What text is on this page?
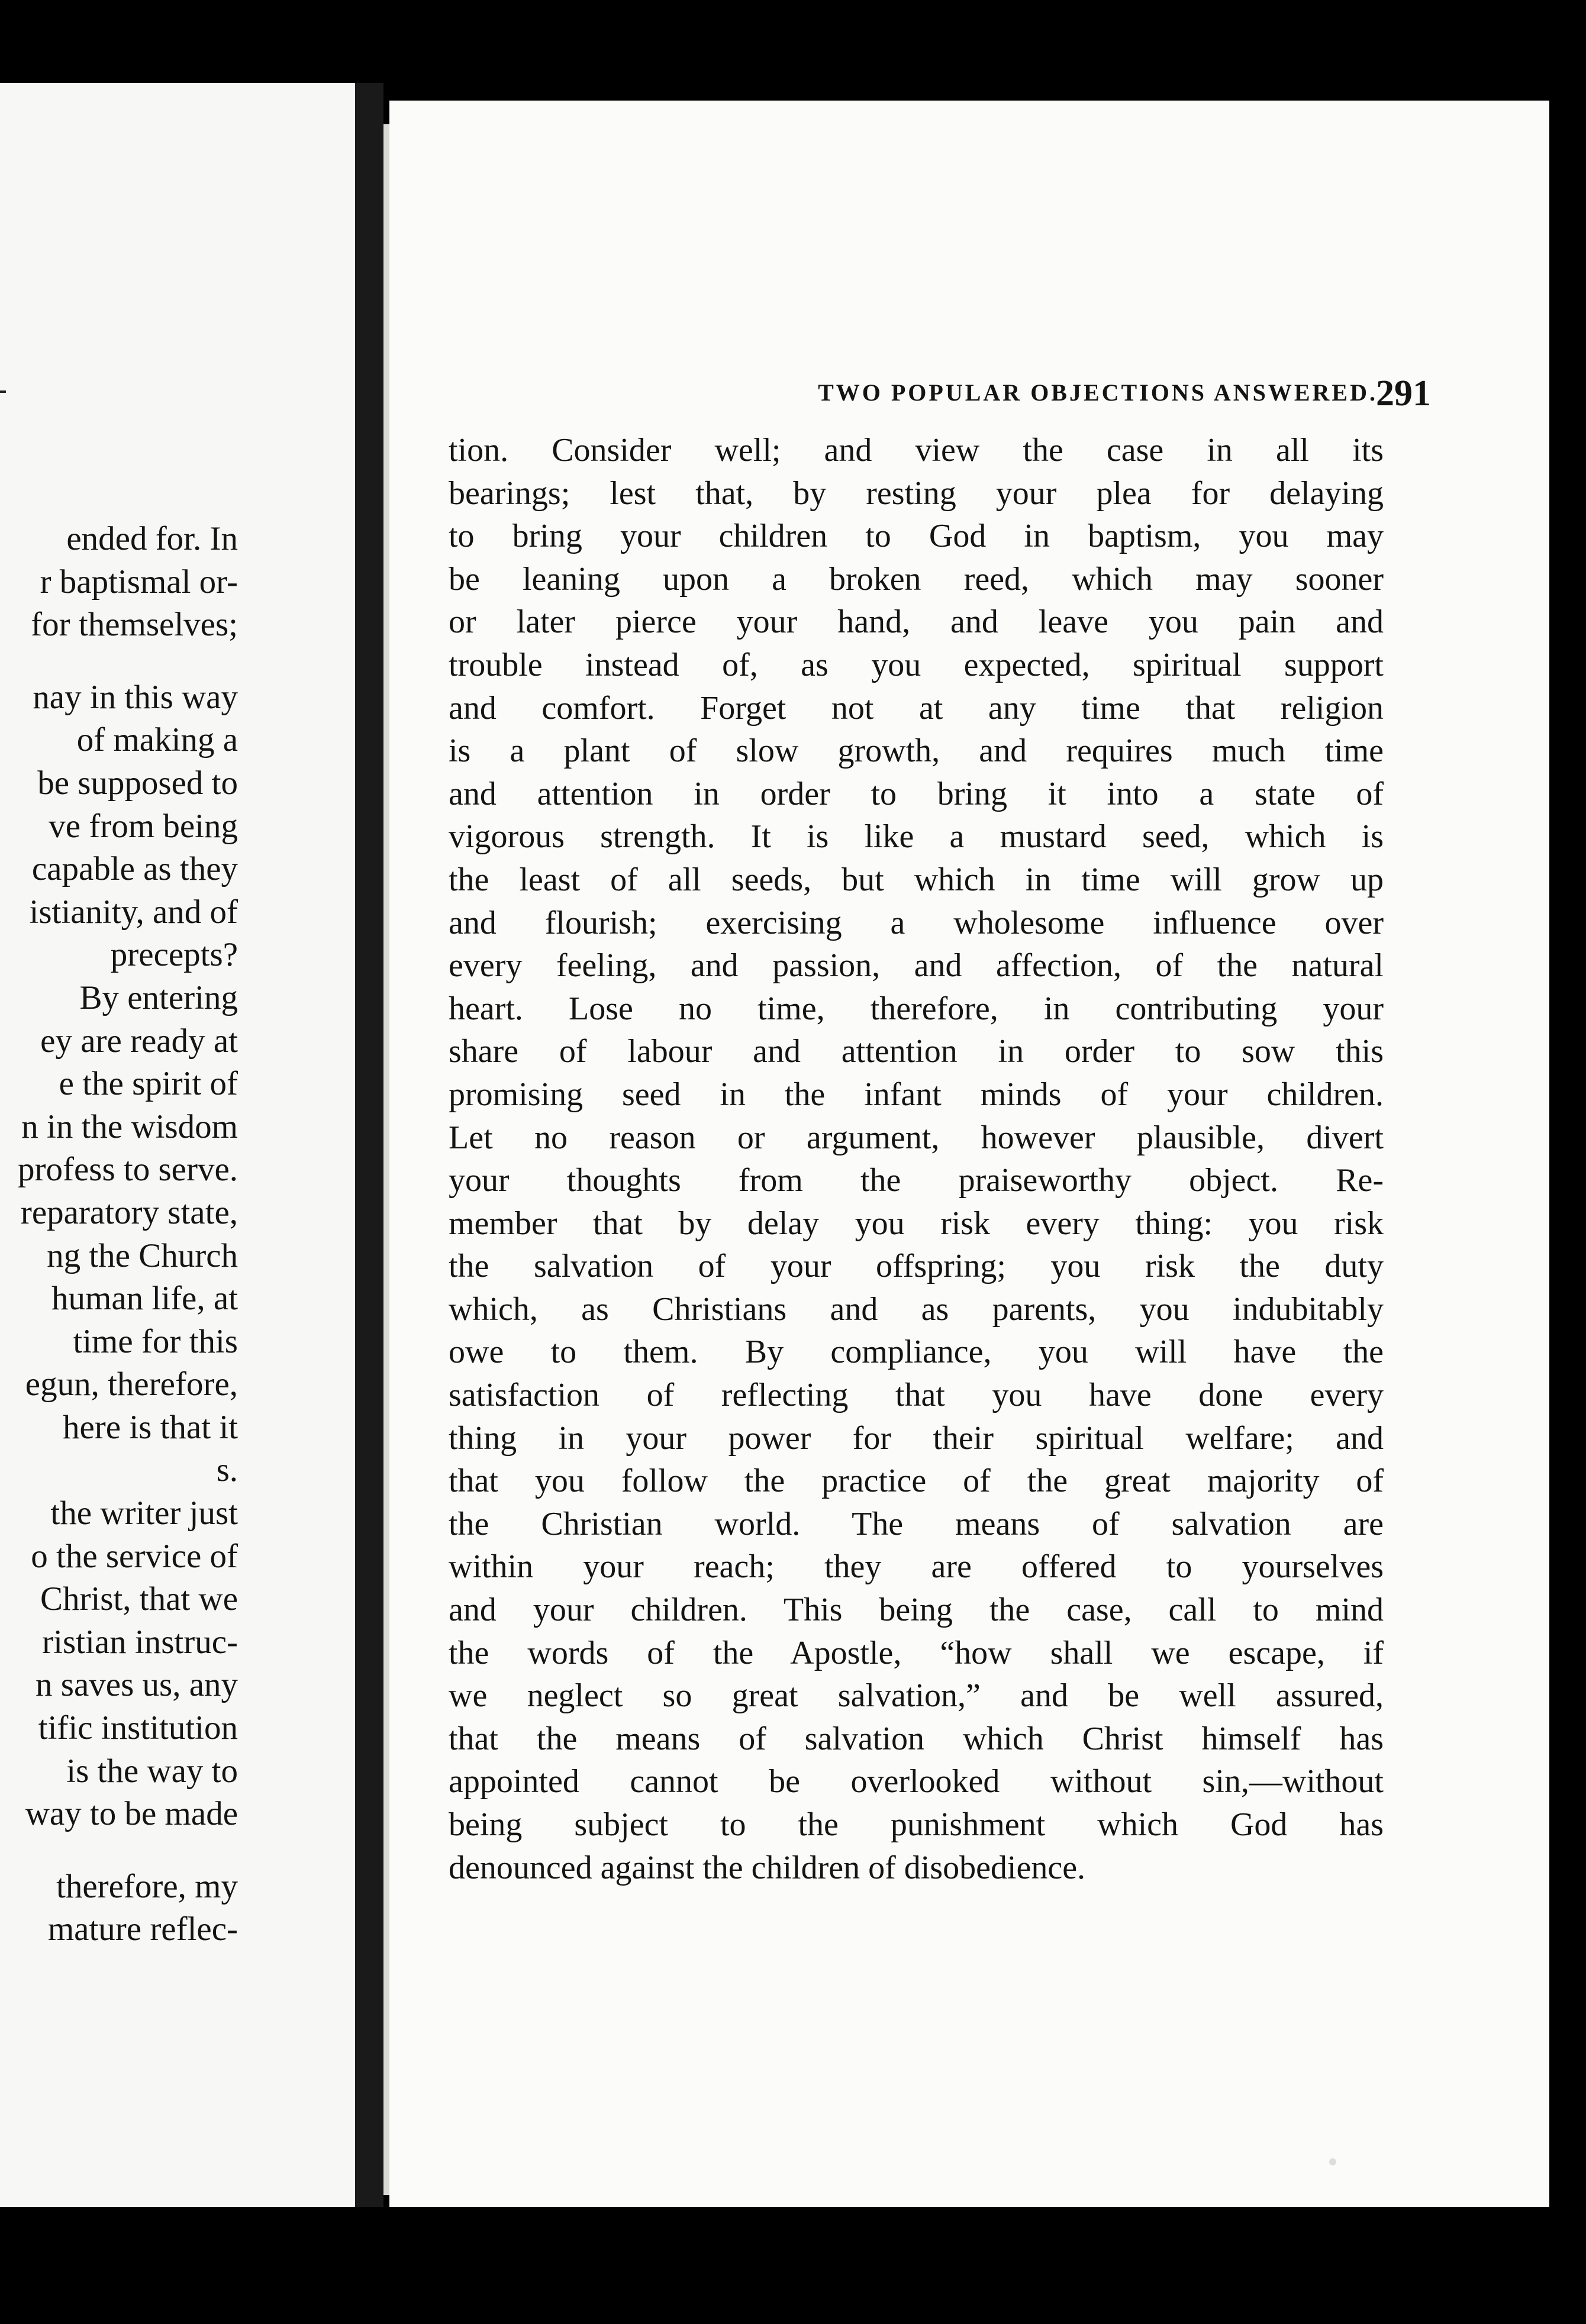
ended for. In
r baptismal or-
for themselves;
nay in this way
of making a
be supposed to
ve from being
capable as they
istianity, and of
precepts?
By entering
ey are ready at
e the spirit of
n in the wisdom
profess to serve.
reparatory state,
ng the Church
human life, at
time for this
egun, therefore,
here is that it
s.
the writer just
o the service of
Christ, that we
ristian instruc-
n saves us, any
tific institution
is the way to
way to be made
therefore, my
mature reflec-
TWO POPULAR OBJECTIONS ANSWERED.
291
tion. Consider well; and view the case in all its
bearings; lest that, by resting your plea for delaying
to bring your children to God in baptism, you may
be leaning upon a broken reed, which may sooner
or later pierce your hand, and leave you pain and
trouble instead of, as you expected, spiritual support
and comfort. Forget not at any time that religion
is a plant of slow growth, and requires much time
and attention in order to bring it into a state of
vigorous strength. It is like a mustard seed, which is
the least of all seeds, but which in time will grow up
and flourish; exercising a wholesome influence over
every feeling, and passion, and affection, of the natural
heart. Lose no time, therefore, in contributing your
share of labour and attention in order to sow this
promising seed in the infant minds of your children.
Let no reason or argument, however plausible, divert
your thoughts from the praiseworthy object. Re-
member that by delay you risk every thing: you risk
the salvation of your offspring; you risk the duty
which, as Christians and as parents, you indubitably
owe to them. By compliance, you will have the
satisfaction of reflecting that you have done every
thing in your power for their spiritual welfare; and
that you follow the practice of the great majority of
the Christian world. The means of salvation are
within your reach; they are offered to yourselves
and your children. This being the case, call to mind
the words of the Apostle, “how shall we escape, if
we neglect so great salvation,” and be well assured,
that the means of salvation which Christ himself has
appointed cannot be overlooked without sin,—without
being subject to the punishment which God has
denounced against the children of disobedience.
